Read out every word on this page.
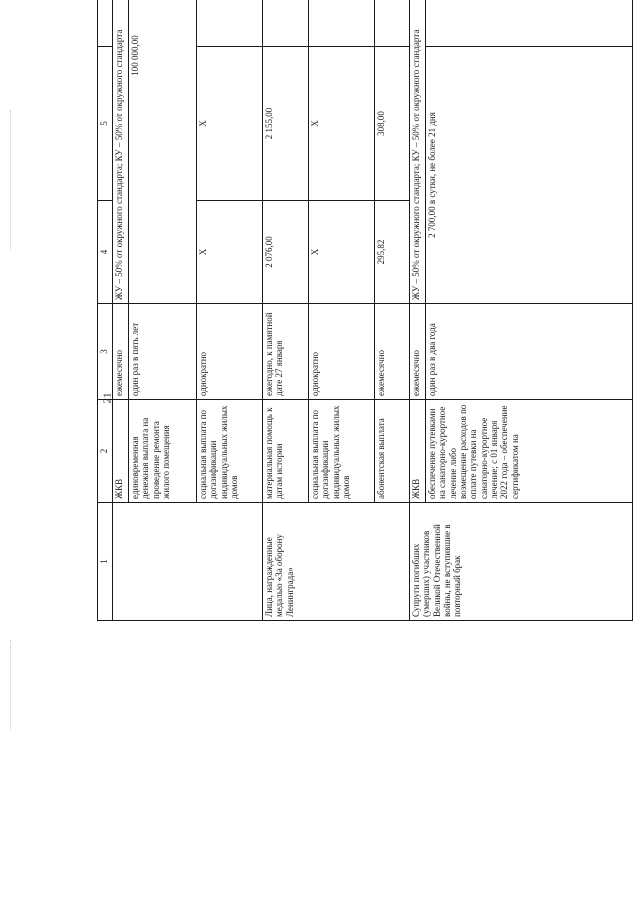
21
1	2	3	4	5	
	ЖКВ	ежемесячно	ЖУ – 50% от окружного стандарта; КУ – 50% от окружного стандарта		
	единовременная денежная выплата на проведение ремонта жилого помещения	один раз в пять лет	100 000,00		
	социальная выплата по догазификации индивидуальных жилых домов	однократно	Х	Х	
Лица, награжденные медалью «За оборону Ленинграда»	материальная помощь к датам истории	ежегодно, к памятной дате 27 января	2 076,00	2 155,00	
	социальная выплата по догазификации индивидуальных жилых домов	однократно	Х	Х	
	абонентская выплата	ежемесячно	295,82	308,00	
Супруги погибших (умерших) участников Великой Отечественной войны, не вступившие в повторный брак	ЖКВ	ежемесячно	ЖУ – 50% от окружного стандарта; КУ – 50% от окружного стандарта		
	обеспечение путевками на санаторно-курортное лечение либо возмещение расходов по оплате путевки на санаторно-курортное лечение; с 01 января 2022 года – обеспечение сертификатом на	один раз в два года	2 700,00 в сутки, не более 21 дня	
